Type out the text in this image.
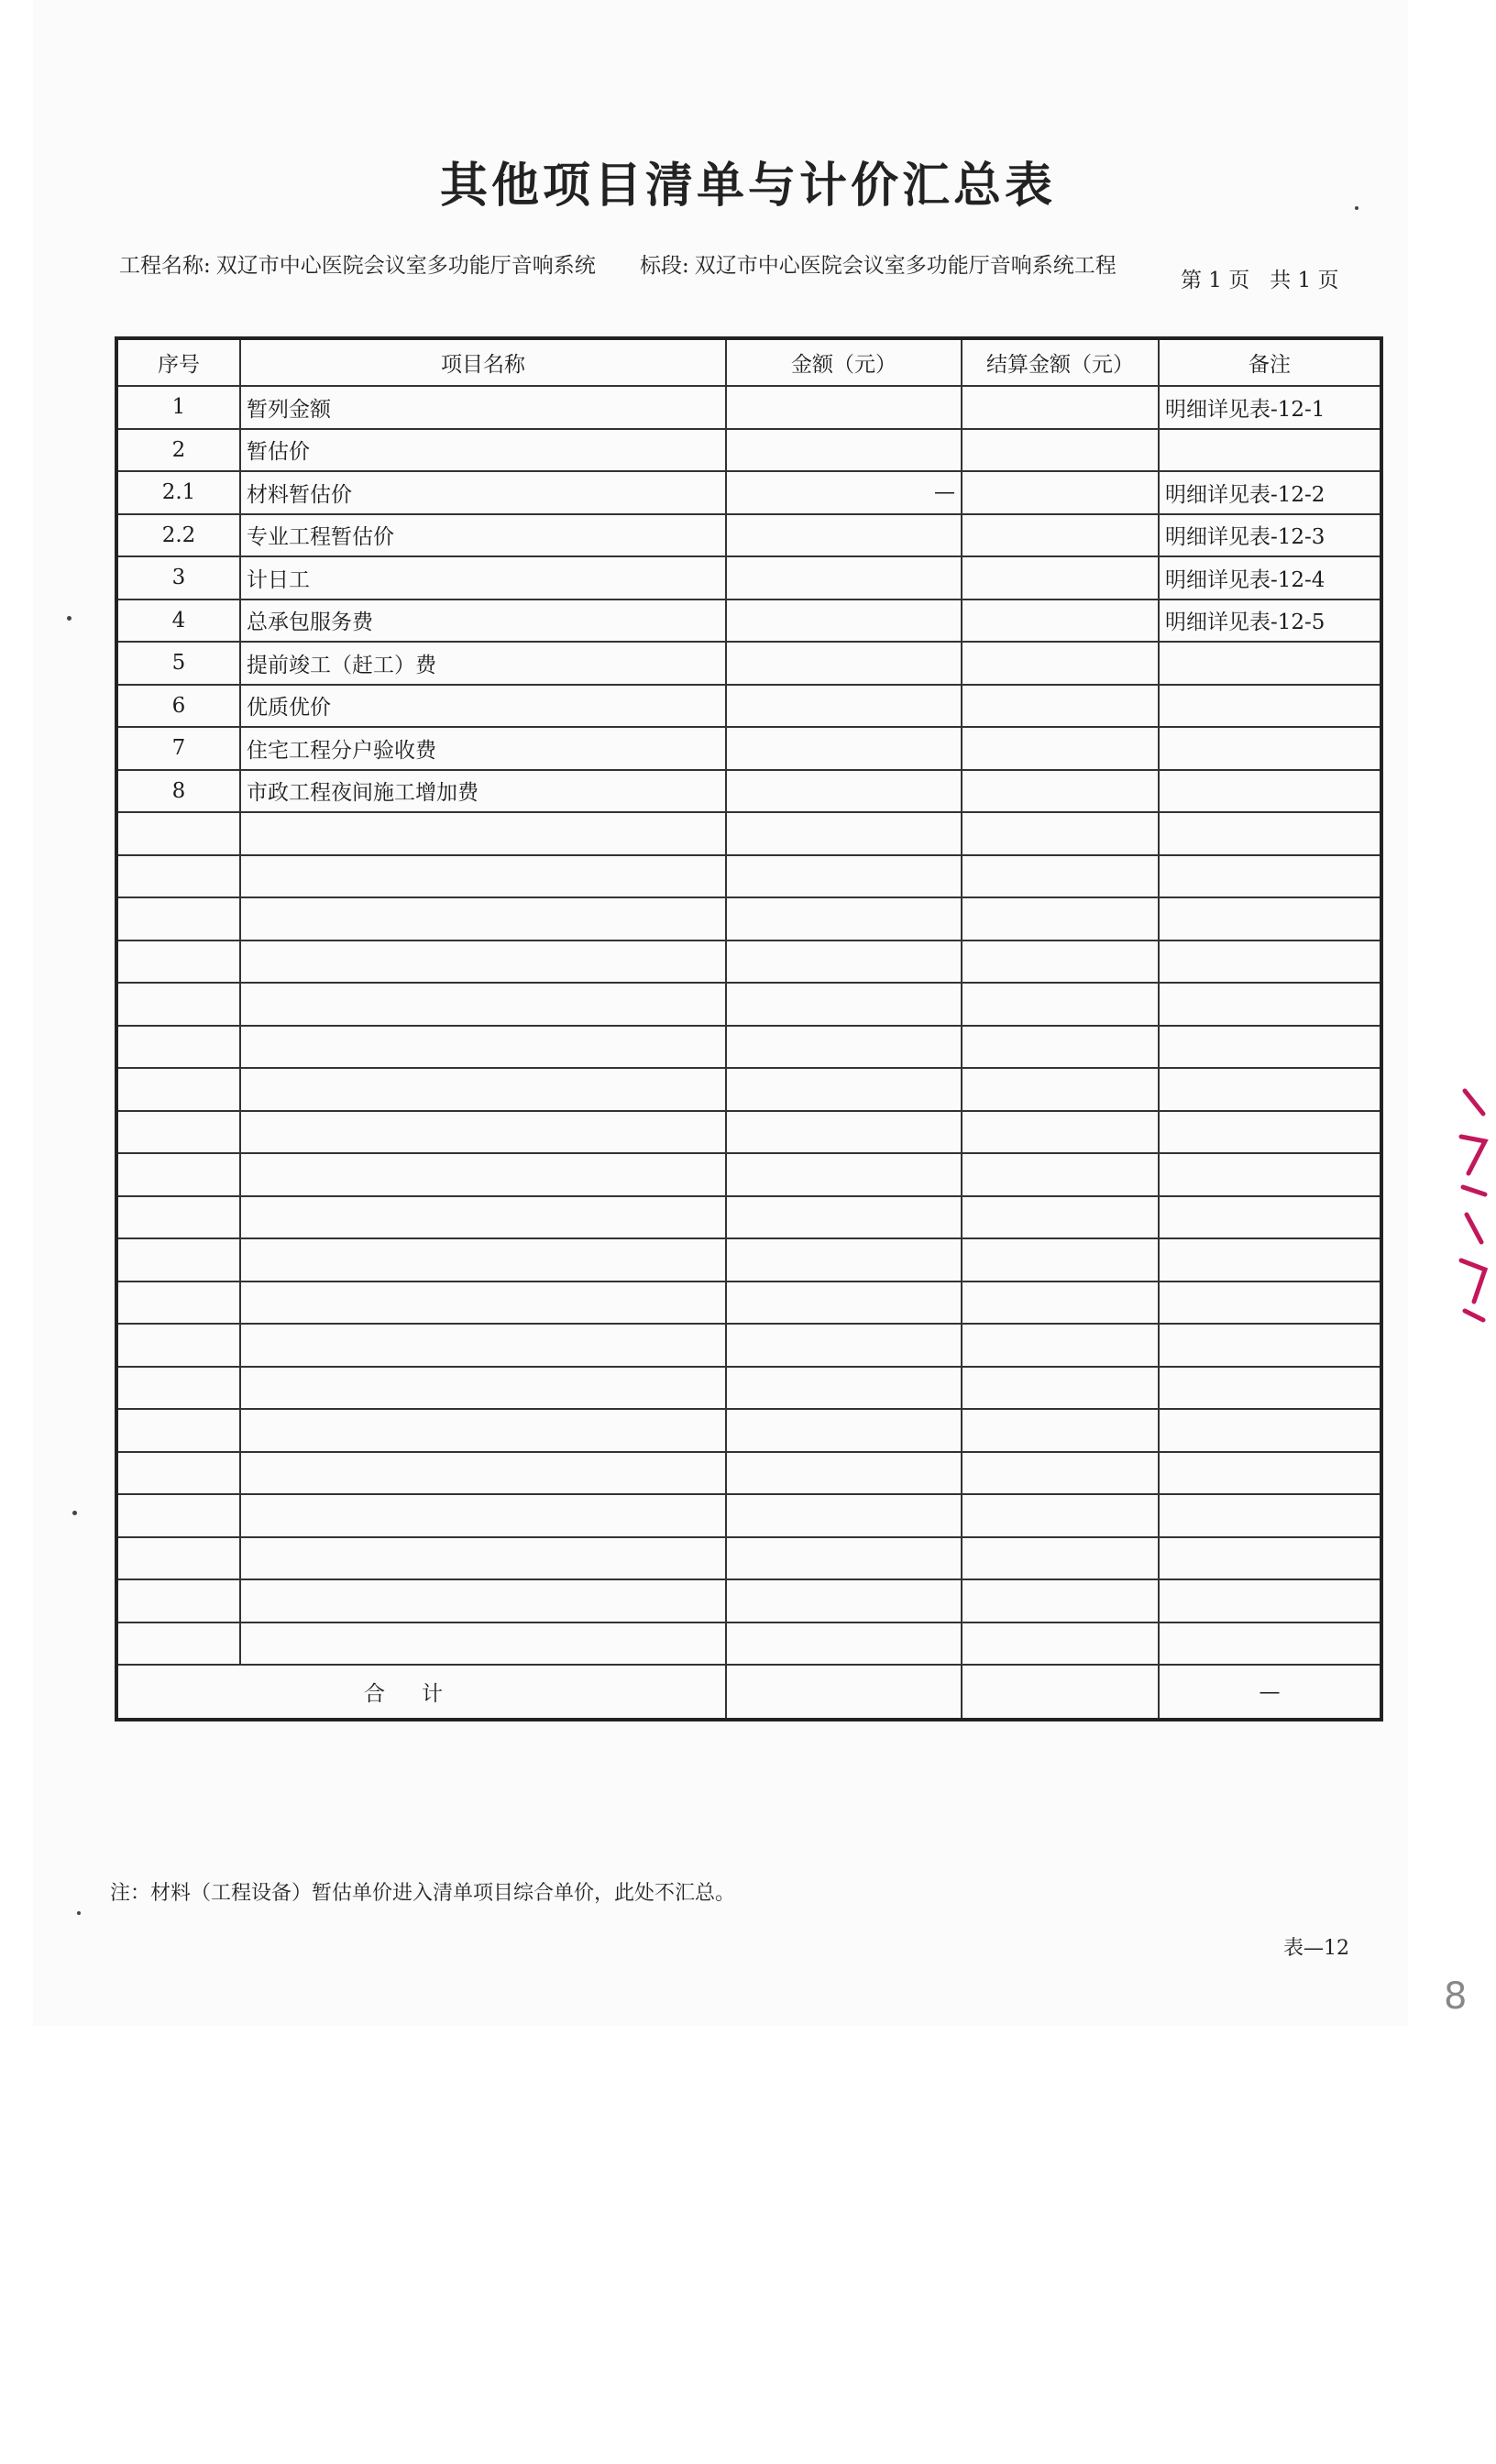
其他项目清单与计价汇总表
工程名称: 双辽市中心医院会议室多功能厅音响系统	标段: 双辽市中心医院会议室多功能厅音响系统工程
第 1 页   共 1 页
序号	项目名称	金额（元）	结算金额（元）	备注
1	暂列金额			明细详见表-12-1
2	暂估价			
2.1	材料暂估价	—		明细详见表-12-2
2.2	专业工程暂估价			明细详见表-12-3
3	计日工			明细详见表-12-4
4	总承包服务费			明细详见表-12-5
5	提前竣工（赶工）费			
6	优质优价			
7	住宅工程分户验收费			
8	市政工程夜间施工增加费			

合计				—
注：材料（工程设备）暂估单价进入清单项目综合单价，此处不汇总。
表—12
8
